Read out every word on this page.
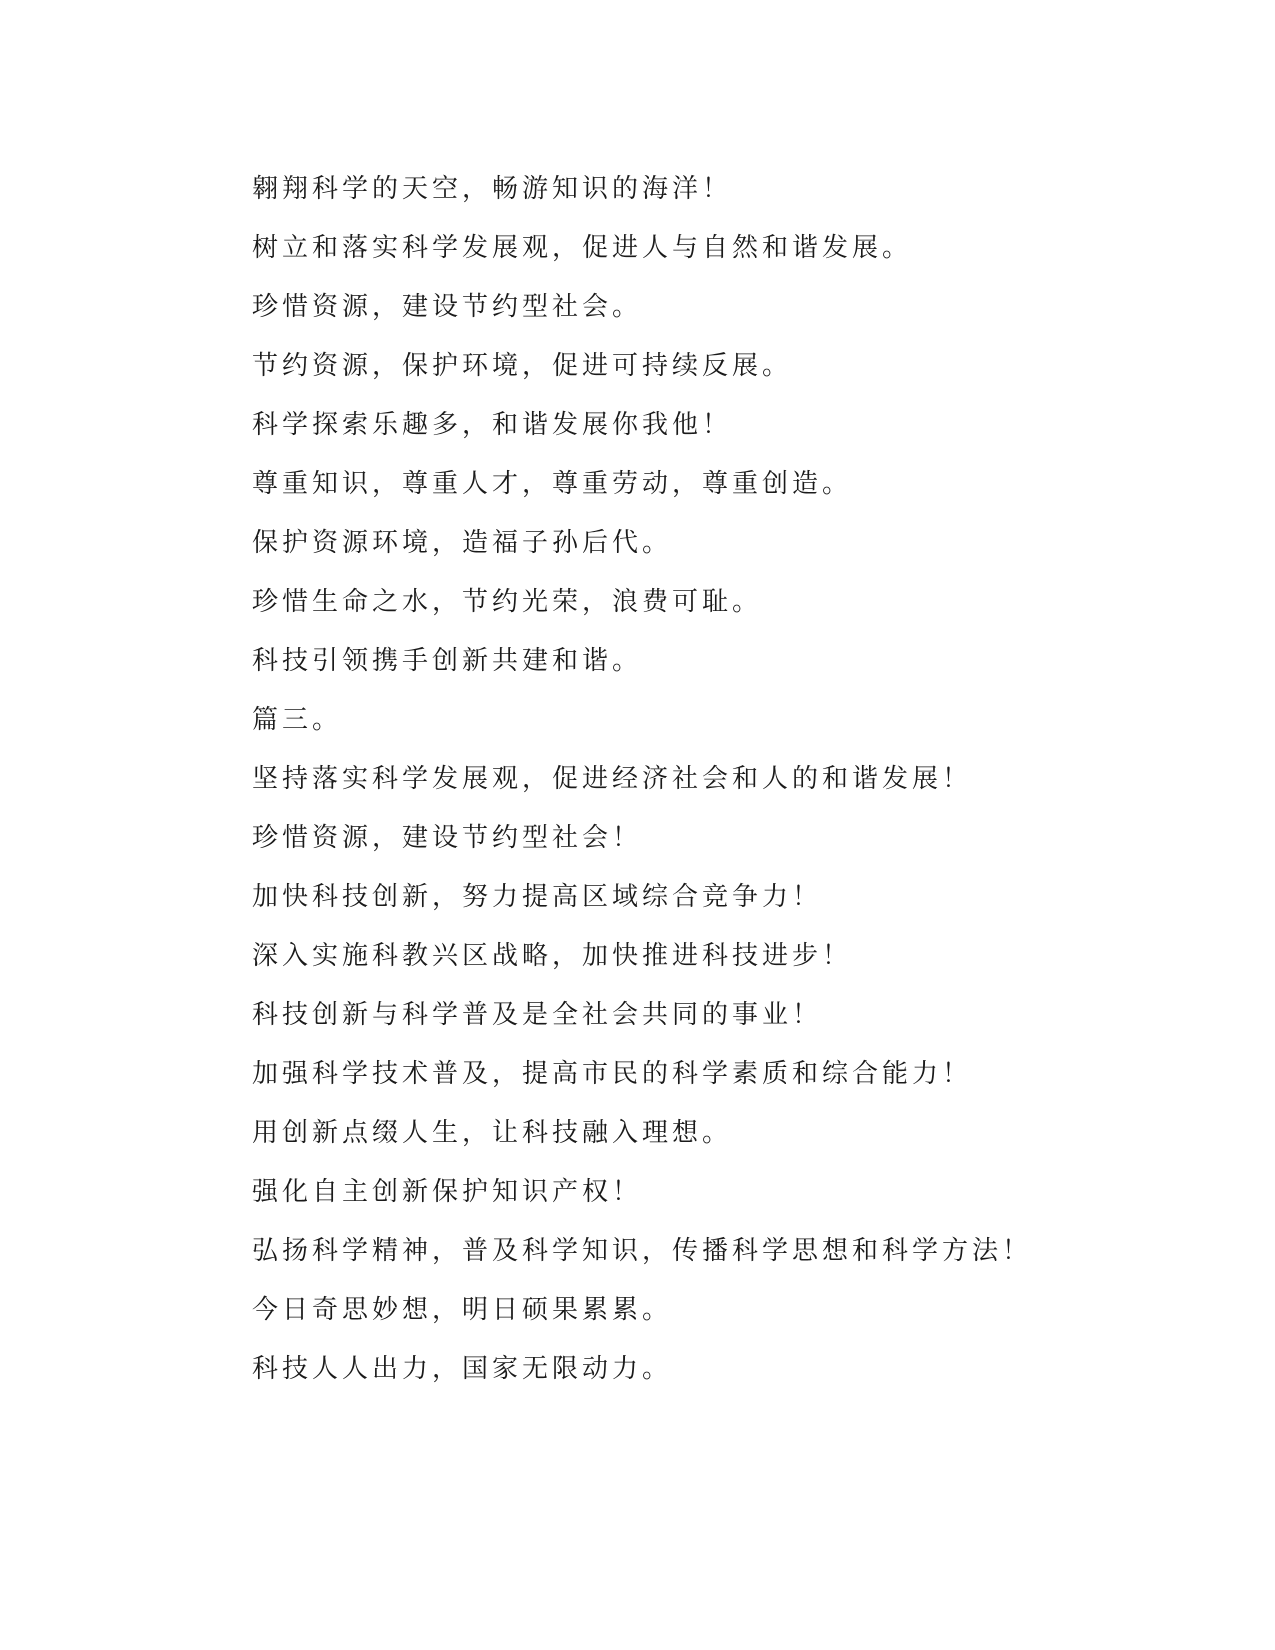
翱翔科学的天空，畅游知识的海洋！
树立和落实科学发展观，促进人与自然和谐发展。
珍惜资源，建设节约型社会。
节约资源，保护环境，促进可持续反展。
科学探索乐趣多，和谐发展你我他！
尊重知识，尊重人才，尊重劳动，尊重创造。
保护资源环境，造福子孙后代。
珍惜生命之水，节约光荣，浪费可耻。
科技引领携手创新共建和谐。
篇三。
坚持落实科学发展观，促进经济社会和人的和谐发展！
珍惜资源，建设节约型社会！
加快科技创新，努力提高区域综合竞争力！
深入实施科教兴区战略，加快推进科技进步！
科技创新与科学普及是全社会共同的事业！
加强科学技术普及，提高市民的科学素质和综合能力！
用创新点缀人生，让科技融入理想。
强化自主创新保护知识产权！
弘扬科学精神，普及科学知识，传播科学思想和科学方法！
今日奇思妙想，明日硕果累累。
科技人人出力，国家无限动力。
